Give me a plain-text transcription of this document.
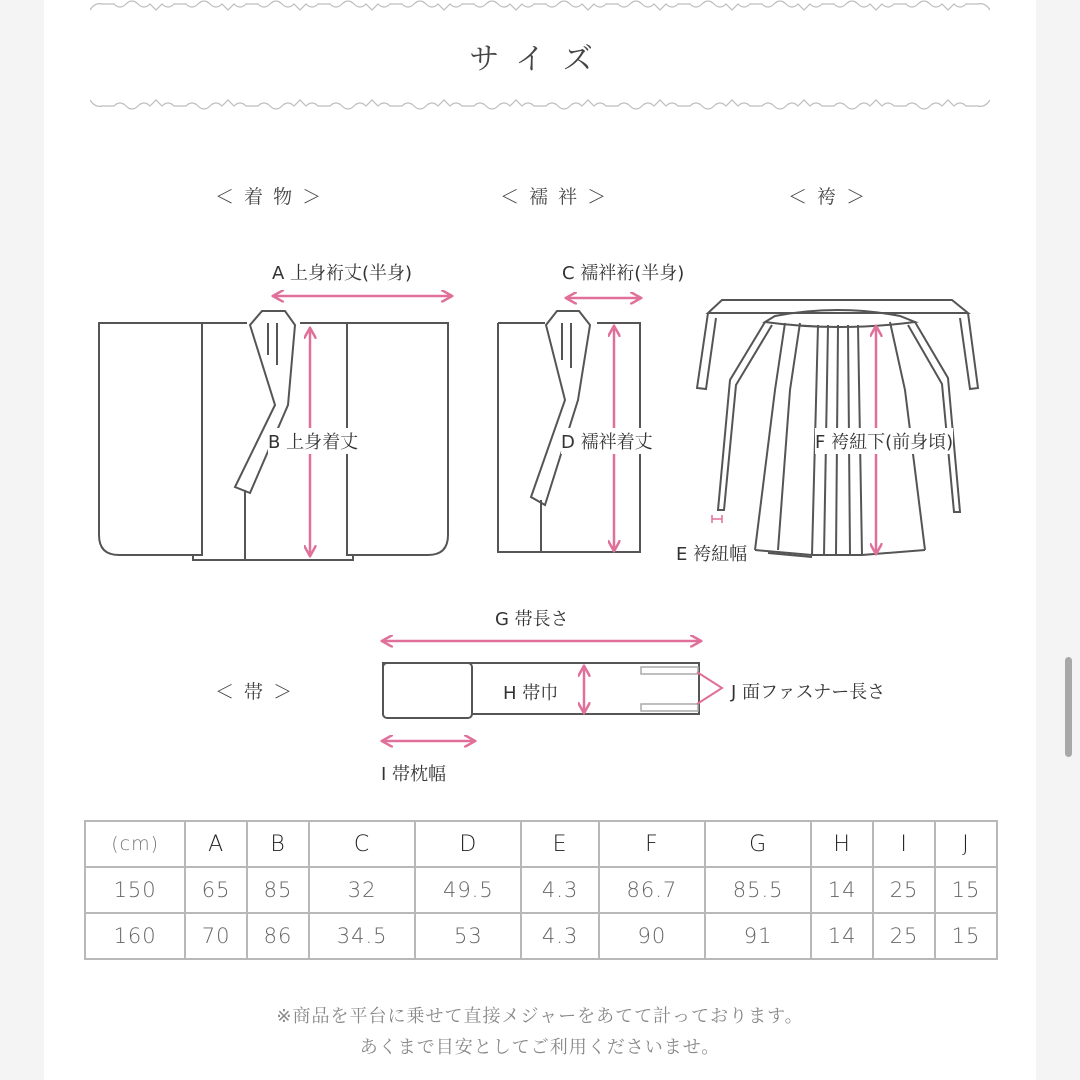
サイズ
＜ 着 物 ＞	＜ 襦 袢 ＞	＜ 袴 ＞
＜ 帯 ＞
A 上身裄丈(半身)
B 上身着丈
C 襦袢裄(半身)
D 襦袢着丈
E 袴紐幅
F 袴紐下(前身頃)
G 帯長さ
H 帯巾
I 帯枕幅
J 面ファスナー長さ
(cm)	A	B	C	D	E	F	G	H	I	J
150	65	85	32	49.5	4.3	86.7	85.5	14	25	15
160	70	86	34.5	53	4.3	90	91	14	25	15
※商品を平台に乗せて直接メジャーをあてて計っております。
あくまで目安としてご利用くださいませ。
